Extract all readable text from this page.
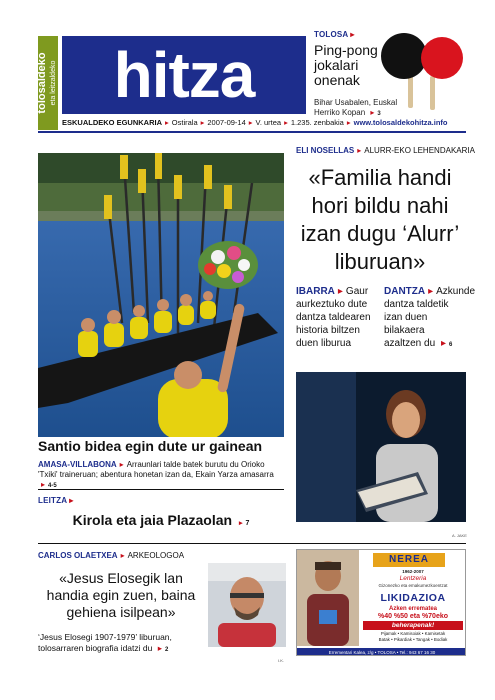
tolosaldeko eta leitzaldeko hitza
TOLOSA ▸
Ping-pong jokalari onenak
Bihar Usabalen, Euskal Herriko Kopan ▸ 3
ESKUALDEKO EGUNKARIA ▸ Ostirala ▸ 2007-09-14 ▸ V. urtea ▸ 1.235. zenbakia ▸ www.tolosaldekohitza.info
Santio bidea egin dute ur gainean
AMASA-VILLABONA ▸ Arraunlari talde batek burutu du Orioko 'Txiki' traineruan; abentura honetan izan da, Ekain Yarza amasarra ▸ 4-5
LEITZA ▸
Kirola eta jaia Plazaolan ▸ 7
ELI NOSELLAS ▸ ALURR-EKO LEHENDAKARIA
«Familia handi hori bildu nahi izan dugu ‘Alurr’ liburuan»
IBARRA ▸ Gaur aurkeztuko dute dantza taldearen historia biltzen duen liburua
DANTZA ▸ Azkunde dantza taldetik izan duen bilakaera azaltzen du ▸ 6
A. JAKE
CARLOS OLAETXEA ▸ ARKEOLOGOA
«Jesus Elosegik lan handia egin zuen, baina gehiena isilpean»
‘Jesus Elosegi 1907-1979’ liburuan, tolosarraren biografia idatzi du ▸ 2
I.K.
NEREA
1962-2007
Lentzeria
Gizonezko eta emakumezkoentzat
LIKIDAZIOA
Azken errematea
%40 %50 eta %70eko
beherapenak!
Pijamak • Kamisoiak • Kamisetak
Batak • Pikardiak • Tangak • Bodiak
Errementari Kalea, z/g • TOLOSA • Tel.: 943 67 16 30
